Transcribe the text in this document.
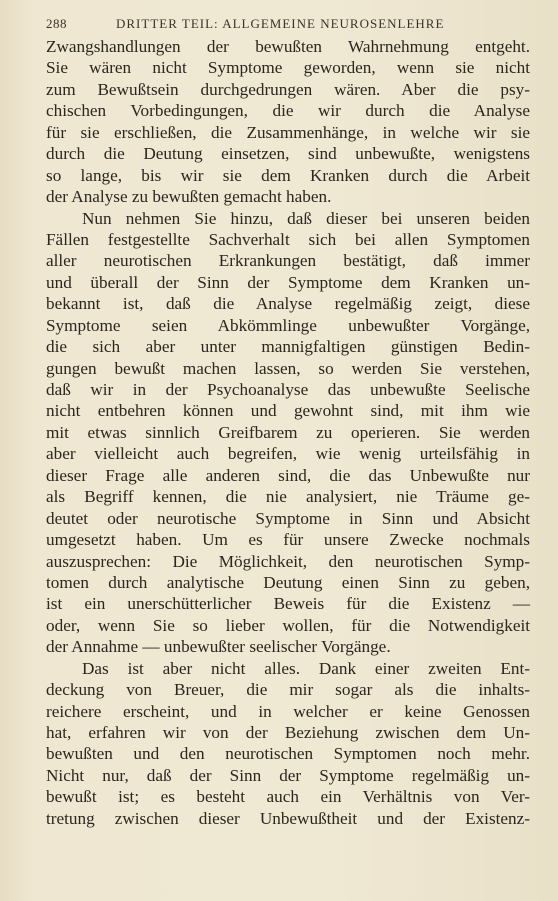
288	DRITTER TEIL: ALLGEMEINE NEUROSENLEHRE
Zwangshandlungen der bewußten Wahrnehmung entgeht.
Sie wären nicht Symptome geworden, wenn sie nicht
zum Bewußtsein durchgedrungen wären. Aber die psy-
chischen Vorbedingungen, die wir durch die Analyse
für sie erschließen, die Zusammenhänge, in welche wir sie
durch die Deutung einsetzen, sind unbewußte, wenigstens
so lange, bis wir sie dem Kranken durch die Arbeit
der Analyse zu bewußten gemacht haben.
Nun nehmen Sie hinzu, daß dieser bei unseren beiden
Fällen festgestellte Sachverhalt sich bei allen Symptomen
aller neurotischen Erkrankungen bestätigt, daß immer
und überall der Sinn der Symptome dem Kranken un-
bekannt ist, daß die Analyse regelmäßig zeigt, diese
Symptome seien Abkömmlinge unbewußter Vorgänge,
die sich aber unter mannigfaltigen günstigen Bedin-
gungen bewußt machen lassen, so werden Sie verstehen,
daß wir in der Psychoanalyse das unbewußte Seelische
nicht entbehren können und gewohnt sind, mit ihm wie
mit etwas sinnlich Greifbarem zu operieren. Sie werden
aber vielleicht auch begreifen, wie wenig urteilsfähig in
dieser Frage alle anderen sind, die das Unbewußte nur
als Begriff kennen, die nie analysiert, nie Träume ge-
deutet oder neurotische Symptome in Sinn und Absicht
umgesetzt haben. Um es für unsere Zwecke nochmals
auszusprechen: Die Möglichkeit, den neurotischen Symp-
tomen durch analytische Deutung einen Sinn zu geben,
ist ein unerschütterlicher Beweis für die Existenz —
oder, wenn Sie so lieber wollen, für die Notwendigkeit
der Annahme — unbewußter seelischer Vorgänge.
Das ist aber nicht alles. Dank einer zweiten Ent-
deckung von Breuer, die mir sogar als die inhalts-
reichere erscheint, und in welcher er keine Genossen
hat, erfahren wir von der Beziehung zwischen dem Un-
bewußten und den neurotischen Symptomen noch mehr.
Nicht nur, daß der Sinn der Symptome regelmäßig un-
bewußt ist; es besteht auch ein Verhältnis von Ver-
tretung zwischen dieser Unbewußtheit und der Existenz-
